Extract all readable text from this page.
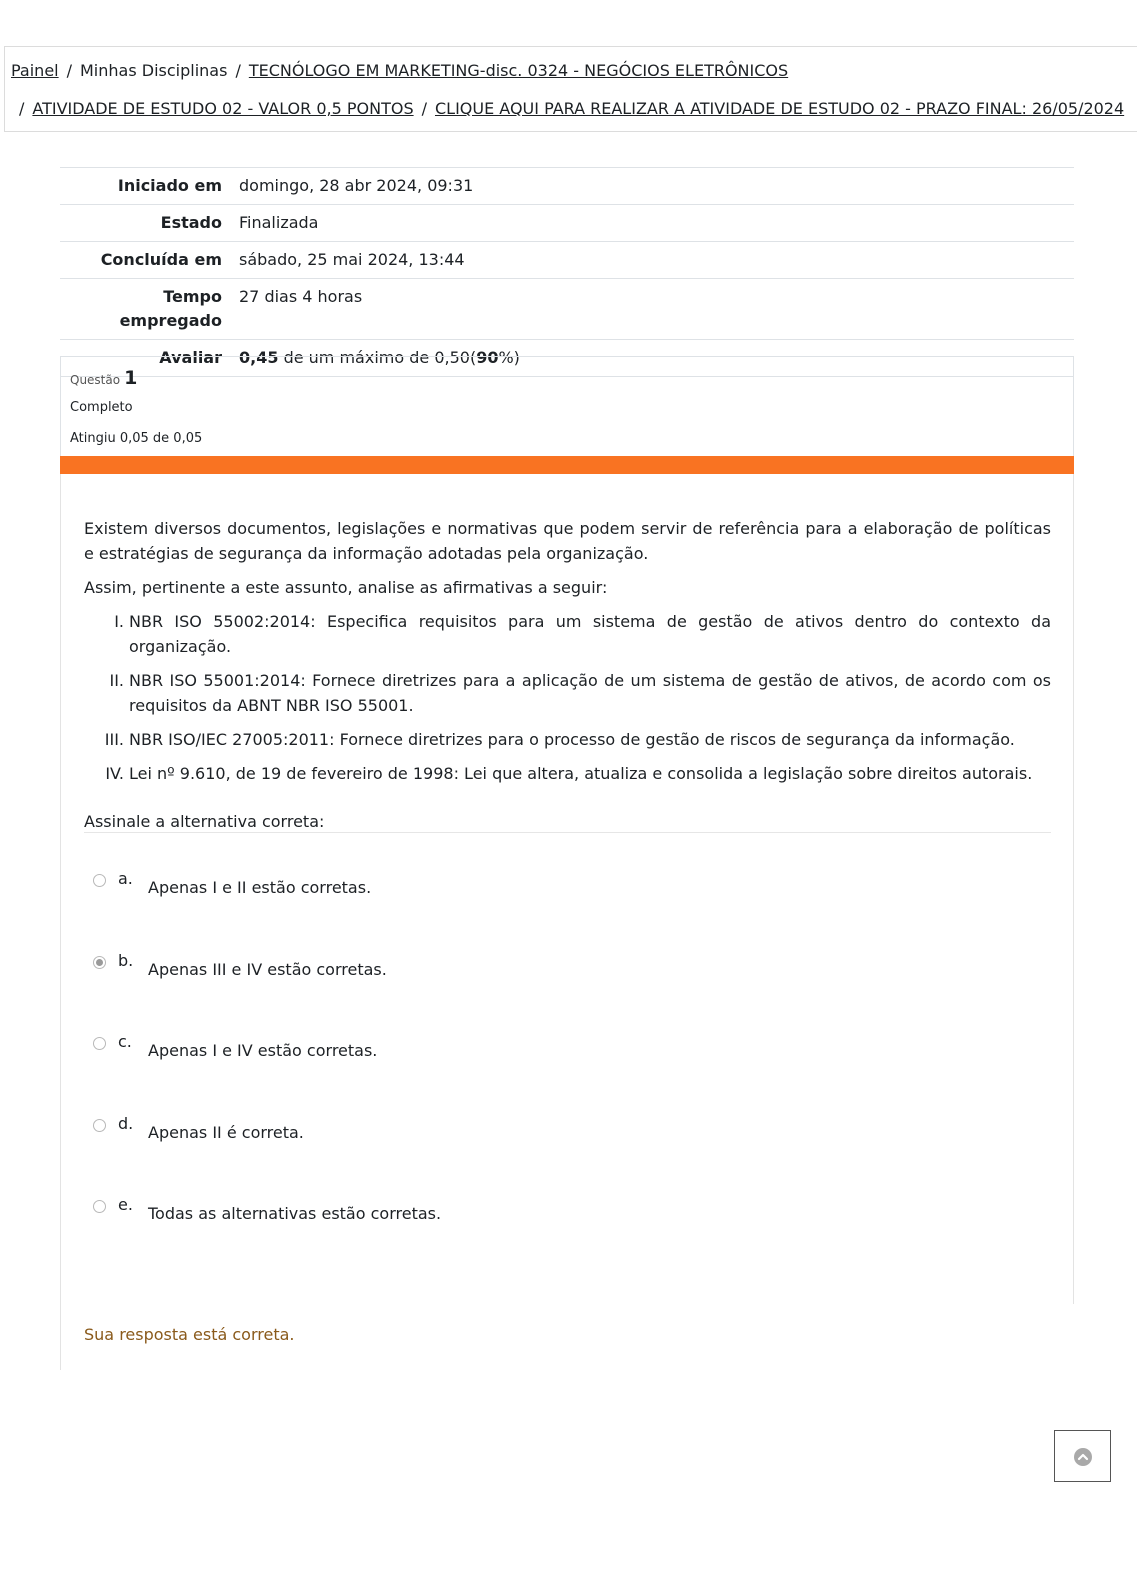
Painel / Minhas Disciplinas / TECNÓLOGO EM MARKETING-disc. 0324 - NEGÓCIOS ELETRÔNICOS
/ ATIVIDADE DE ESTUDO 02 - VALOR 0,5 PONTOS / CLIQUE AQUI PARA REALIZAR A ATIVIDADE DE ESTUDO 02 - PRAZO FINAL: 26/05/2024
Iniciado em	domingo, 28 abr 2024, 09:31
Estado	Finalizada
Concluída em	sábado, 25 mai 2024, 13:44
Tempo
empregado	27 dias 4 horas
Avaliar	0,45 de um máximo de 0,50(90%)
Questão 1
Completo
Atingiu 0,05 de 0,05

Existem diversos documentos, legislações e normativas que podem servir de referência para a elaboração de políticas e estratégias de segurança da informação adotadas pela organização.

Assim, pertinente a este assunto, analise as afirmativas a seguir:

I. NBR ISO 55002:2014: Especifica requisitos para um sistema de gestão de ativos dentro do contexto da organização.
II. NBR ISO 55001:2014: Fornece diretrizes para a aplicação de um sistema de gestão de ativos, de acordo com os requisitos da ABNT NBR ISO 55001.
III. NBR ISO/IEC 27005:2011: Fornece diretrizes para o processo de gestão de riscos de segurança da informação.
IV. Lei nº 9.610, de 19 de fevereiro de 1998: Lei que altera, atualiza e consolida a legislação sobre direitos autorais.

Assinale a alternativa correta:

a. Apenas I e II estão corretas.
b. Apenas III e IV estão corretas.
c. Apenas I e IV estão corretas.
d. Apenas II é correta.
e. Todas as alternativas estão corretas.
Sua resposta está correta.
